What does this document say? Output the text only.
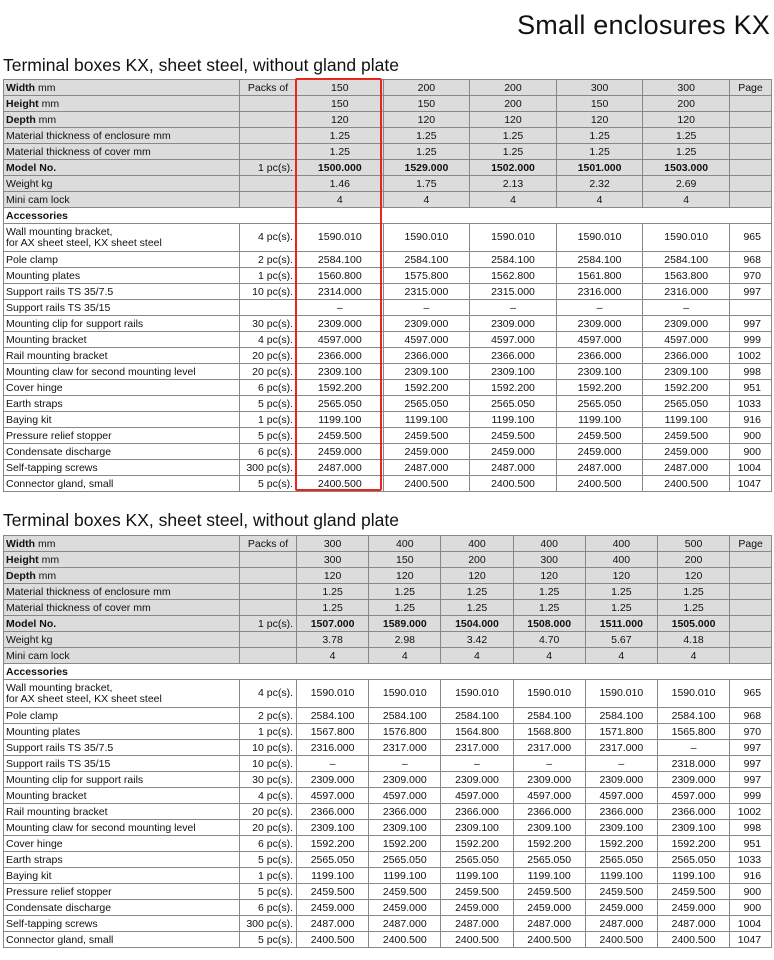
Small enclosures KX
Terminal boxes KX, sheet steel, without gland plate
Width mm	Packs of	150	200	200	300	300	Page
Height mm		150	150	200	150	200	
Depth mm		120	120	120	120	120	
Material thickness of enclosure mm		1.25	1.25	1.25	1.25	1.25	
Material thickness of cover mm		1.25	1.25	1.25	1.25	1.25	
Model No.	1 pc(s).	1500.000	1529.000	1502.000	1501.000	1503.000	
Weight kg		1.46	1.75	2.13	2.32	2.69	
Mini cam lock		4	4	4	4	4	
Accessories							

Wall mounting bracket,
for AX sheet steel, KX sheet steel	4 pc(s).	1590.010	1590.010	1590.010	1590.010	1590.010	965

Pole clamp	2 pc(s).	2584.100	2584.100	2584.100	2584.100	2584.100	968

Mounting plates	1 pc(s).	1560.800	1575.800	1562.800	1561.800	1563.800	970

Support rails TS 35/7.5	10 pc(s).	2314.000	2315.000	2315.000	2316.000	2316.000	997

Support rails TS 35/15		–	–	–	–	–	

Mounting clip for support rails	30 pc(s).	2309.000	2309.000	2309.000	2309.000	2309.000	997

Mounting bracket	4 pc(s).	4597.000	4597.000	4597.000	4597.000	4597.000	999

Rail mounting bracket	20 pc(s).	2366.000	2366.000	2366.000	2366.000	2366.000	1002

Mounting claw for second mounting level	20 pc(s).	2309.100	2309.100	2309.100	2309.100	2309.100	998

Cover hinge	6 pc(s).	1592.200	1592.200	1592.200	1592.200	1592.200	951

Earth straps	5 pc(s).	2565.050	2565.050	2565.050	2565.050	2565.050	1033

Baying kit	1 pc(s).	1199.100	1199.100	1199.100	1199.100	1199.100	916

Pressure relief stopper	5 pc(s).	2459.500	2459.500	2459.500	2459.500	2459.500	900

Condensate discharge	6 pc(s).	2459.000	2459.000	2459.000	2459.000	2459.000	900

Self-tapping screws	300 pc(s).	2487.000	2487.000	2487.000	2487.000	2487.000	1004

Connector gland, small	5 pc(s).	2400.500	2400.500	2400.500	2400.500	2400.500	1047
Terminal boxes KX, sheet steel, without gland plate
Width mm	Packs of	300	400	400	400	400	500	Page
Height mm		300	150	200	300	400	200	
Depth mm		120	120	120	120	120	120	
Material thickness of enclosure mm		1.25	1.25	1.25	1.25	1.25	1.25	
Material thickness of cover mm		1.25	1.25	1.25	1.25	1.25	1.25	
Model No.	1 pc(s).	1507.000	1589.000	1504.000	1508.000	1511.000	1505.000	
Weight kg		3.78	2.98	3.42	4.70	5.67	4.18	
Mini cam lock		4	4	4	4	4	4	
Accessories								

Wall mounting bracket,
for AX sheet steel, KX sheet steel	4 pc(s).	1590.010	1590.010	1590.010	1590.010	1590.010	1590.010	965

Pole clamp	2 pc(s).	2584.100	2584.100	2584.100	2584.100	2584.100	2584.100	968

Mounting plates	1 pc(s).	1567.800	1576.800	1564.800	1568.800	1571.800	1565.800	970

Support rails TS 35/7.5	10 pc(s).	2316.000	2317.000	2317.000	2317.000	2317.000	–	997

Support rails TS 35/15	10 pc(s).	–	–	–	–	–	2318.000	997

Mounting clip for support rails	30 pc(s).	2309.000	2309.000	2309.000	2309.000	2309.000	2309.000	997

Mounting bracket	4 pc(s).	4597.000	4597.000	4597.000	4597.000	4597.000	4597.000	999

Rail mounting bracket	20 pc(s).	2366.000	2366.000	2366.000	2366.000	2366.000	2366.000	1002

Mounting claw for second mounting level	20 pc(s).	2309.100	2309.100	2309.100	2309.100	2309.100	2309.100	998

Cover hinge	6 pc(s).	1592.200	1592.200	1592.200	1592.200	1592.200	1592.200	951

Earth straps	5 pc(s).	2565.050	2565.050	2565.050	2565.050	2565.050	2565.050	1033

Baying kit	1 pc(s).	1199.100	1199.100	1199.100	1199.100	1199.100	1199.100	916

Pressure relief stopper	5 pc(s).	2459.500	2459.500	2459.500	2459.500	2459.500	2459.500	900

Condensate discharge	6 pc(s).	2459.000	2459.000	2459.000	2459.000	2459.000	2459.000	900

Self-tapping screws	300 pc(s).	2487.000	2487.000	2487.000	2487.000	2487.000	2487.000	1004

Connector gland, small	5 pc(s).	2400.500	2400.500	2400.500	2400.500	2400.500	2400.500	1047
